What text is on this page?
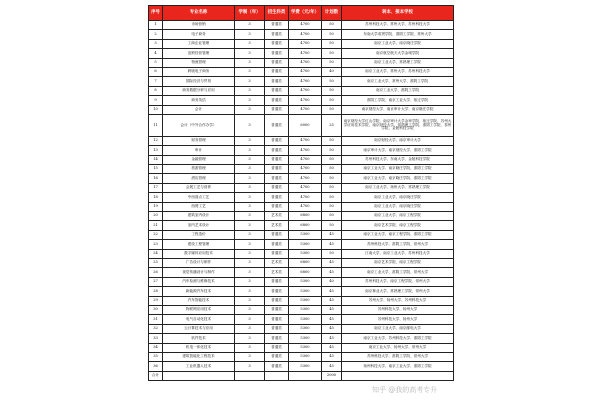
序号	专业名称	学制（年）	招生科类	学费（元/年）	计划数	转本、接本学校
1	市场营销	3	普通类	4700	50	苏州科技大学、常州大学、苏州科技大学
2	电子商务	3	普通类	4700	50	东南大学成贤学院、淮阴工学院、常州大学
3	工商企业管理	3	普通类	4700	50	南京工业大学、南京晓庄学院
4	连锁经营管理	3	普通类	4700	50	南京航空航天大学金城学院
5	物流管理	3	普通类	4700	50	南京工业大学、常熟理工学院
6	跨境电子商务	3	普通类	4700	40	南京工业大学、常州大学、苏州科技大学
7	国际经济与贸易	3	普通类	4700	50	南京工业大学、常州大学、淮阴工学院
8	商务数据分析与应用	3	普通类	4700	50	南京工业大学、淮阴工学院
9	商务英语	3	普通类	4700	50	淮阴工学院、南京工业大学、宿迁学院
10	会计	3	普通类	4700	50	南京财经大学、南京审计大学、南京晓庄学院
11	会计（中外合作办学）	3	普通类	6000	25	南京财经大学红山学院、南京审计大学金审学院、宿迁学院、苏州大学应用技术学院、南京财经大学、常熟理工学院、淮阴工学院、泰州学院、金陵科技学院
12	财务管理	3	普通类	4700	50	南京财经大学、南京审计大学
13	审计	3	普通类	4700	50	南京审计大学、南京财经大学、淮阴工学院
14	金融管理	3	普通类	4700	50	苏州科技大学、东南大学、金陵科技学院
15	旅游管理	3	普通类	4700	50	南京工业大学、南京晓庄学院、淮阴工学院
16	酒店管理	3	普通类	4700	50	南京工业大学、南京晓庄学院、淮阴工学院
17	会展工艺与营养	3	普通类	4700	50	南京工业大学、扬州大学、常熟理工学院
18	中西面点工艺	3	普通类	4700	50	南京工业大学、南京晓庄学院
19	西餐工艺	3	普通类	4700	50	南京工业大学、南京晓庄学院
20	建筑室内设计	3	艺术类	6800	50	南京工业大学、南京工程学院
21	室内艺术设计	3	艺术类	6800	50	南京艺术学院、南京工程学院
22	工程造价	3	普通类	5300	45	南京工业大学、南京工程学院、淮阴工学院
23	建设工程管理	3	普通类	5300	45	苏州科技大学、淮阴工学院、常州大学
24	数字媒体应用技术	3	普通类	5300	50	江南大学、南京工业大学、苏州科技大学
25	广告设计与制作	3	艺术类	6800	45	南京艺术学院、南京工程学院
26	视觉传播设计与制作	3	艺术类	6800	45	南京工业大学、淮阴工学院、常州大学
27	汽车检测与维修技术	3	普通类	5300	40	苏州科技大学、南京工程学院、常州大学
28	新能源汽车技术	3	普通类	5300	45	南京林业大学、常熟理工学院、常州大学
29	汽车智能技术	3	普通类	5300	45	苏州大学、扬州大学、苏州科技大学
30	物联网应用技术	3	普通类	5300	45	苏州科技大学、扬州大学
31	电气自动化技术	3	普通类	5300	45	苏州科技大学、扬州大学
32	云计算技术与应用	3	普通类	5300	45	南京工业大学、南京邮电大学
33	软件技术	3	普通类	5300	45	南京工业大学、苏州科技大学、淮阴工学院
34	机电一体化技术	3	普通类	5300	45	南京工业大学、扬州大学、常州大学
35	建筑智能化工程技术	3	普通类	5300	45	苏州科技大学、淮阴工学院、常州大学
36	工业机器人技术	3	普通类	5300	45	扬州科技大学、南京工业大学、淮阴工学院
合计					2000	
知乎 @我的高考专升
